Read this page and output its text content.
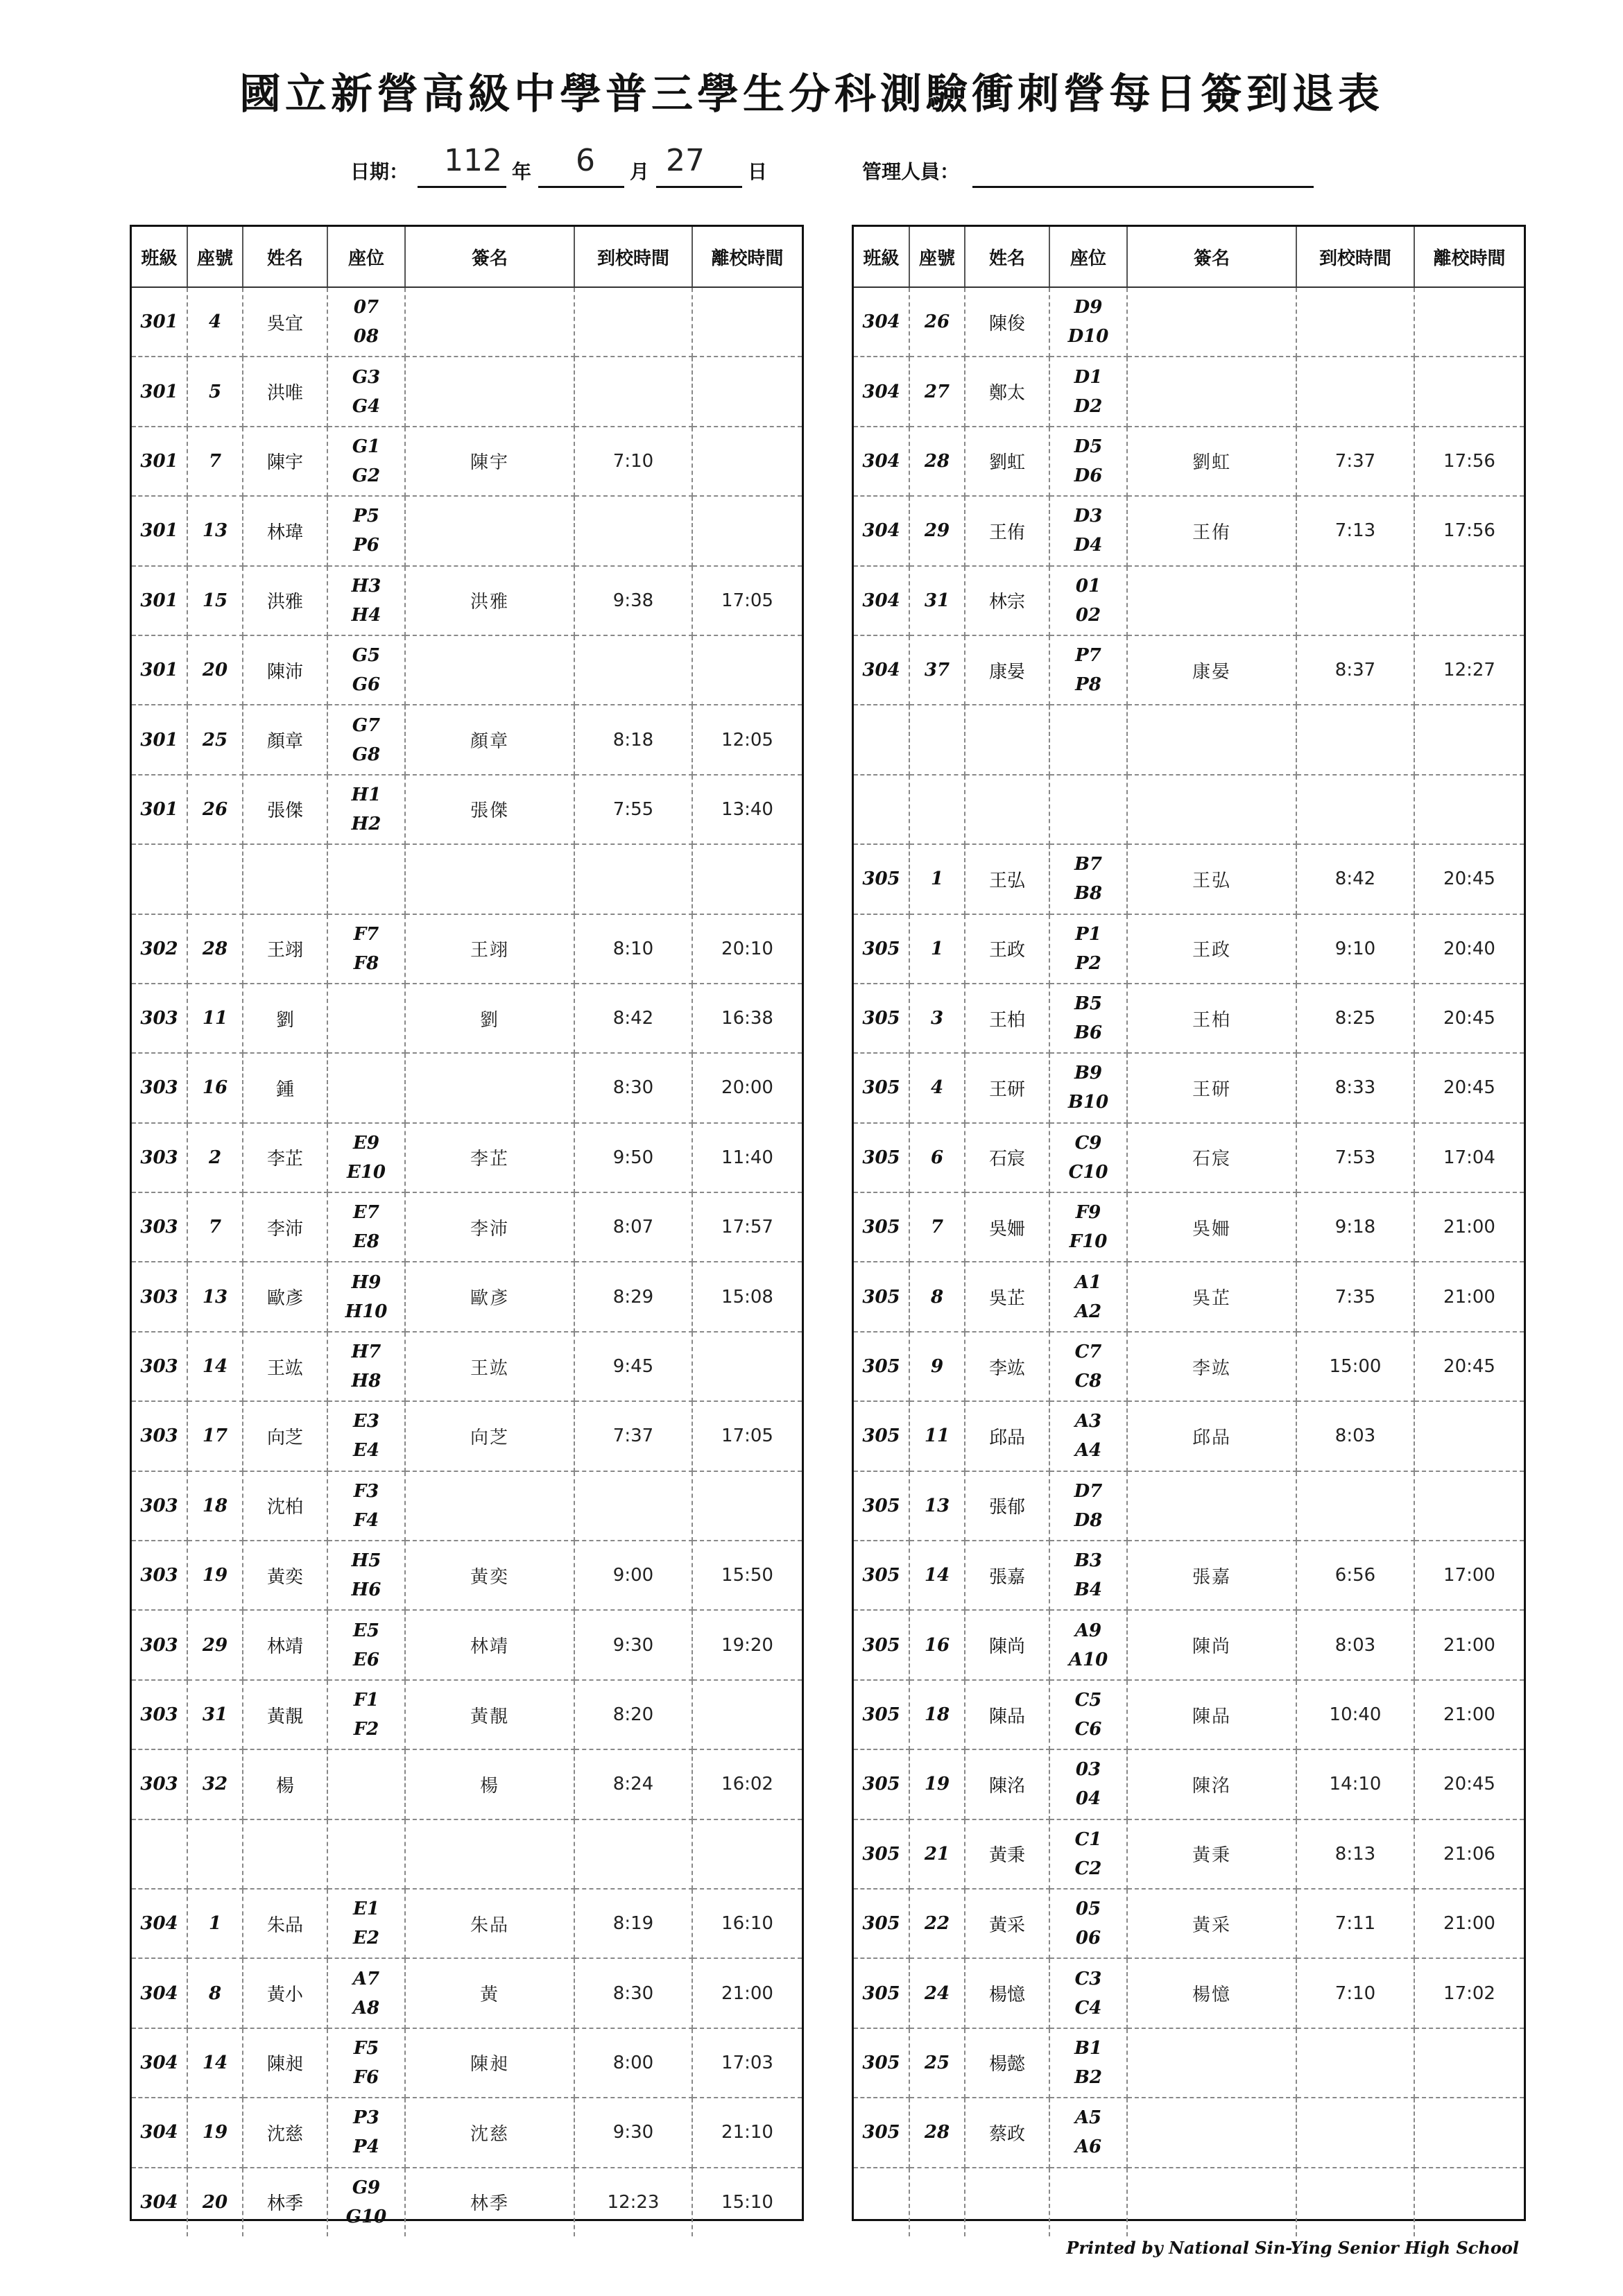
國立新營高級中學普三學生分科測驗衝刺營每日簽到退表
日期： 112 年 6 月 27 日	管理人員：
班級	座號	姓名	座位	簽名	到校時間	離校時間
301	4	吳宜	07
08			

301	5	洪唯	G3
G4			

301	7	陳宇	G1
G2	陳宇	7:10	
301	13	林瑋	P5
P6			

301	15	洪雅	H3
H4	洪雅	9:38	17:05
301	20	陳沛	G5
G6			

301	25	顏章	G7
G8	顏章	8:18	12:05
301	26	張傑	H1
H2	張傑	7:55	13:40

302	28	王翊	F7
F8	王翊	8:10	20:10
303	11	劉		劉	8:42	16:38
303	16	鍾			8:30	20:00
303	2	李芷	E9
E10	李芷	9:50	11:40
303	7	李沛	E7
E8	李沛	8:07	17:57
303	13	歐彥	H9
H10	歐彥	8:29	15:08
303	14	王竑	H7
H8	王竑	9:45	
303	17	向芝	E3
E4	向芝	7:37	17:05
303	18	沈柏	F3
F4			

303	19	黃奕	H5
H6	黃奕	9:00	15:50
303	29	林靖	E5
E6	林靖	9:30	19:20
303	31	黃靚	F1
F2	黃靚	8:20	
303	32	楊		楊	8:24	16:02

304	1	朱品	E1
E2	朱品	8:19	16:10
304	8	黃小	A7
A8	黃	8:30	21:00
304	14	陳昶	F5
F6	陳昶	8:00	17:03
304	19	沈慈	P3
P4	沈慈	9:30	21:10
304	20	林季	G9
G10	林季	12:23	15:10
班級	座號	姓名	座位	簽名	到校時間	離校時間
304	26	陳俊	D9
D10			

304	27	鄭太	D1
D2			

304	28	劉虹	D5
D6	劉虹	7:37	17:56
304	29	王侑	D3
D4	王侑	7:13	17:56
304	31	林宗	01
02			

304	37	康晏	P7
P8	康晏	8:37	12:27

305	1	王弘	B7
B8	王弘	8:42	20:45
305	1	王政	P1
P2	王政	9:10	20:40
305	3	王柏	B5
B6	王柏	8:25	20:45
305	4	王研	B9
B10	王研	8:33	20:45
305	6	石宸	C9
C10	石宸	7:53	17:04
305	7	吳姍	F9
F10	吳姍	9:18	21:00
305	8	吳芷	A1
A2	吳芷	7:35	21:00
305	9	李竑	C7
C8	李竑	15:00	20:45
305	11	邱品	A3
A4	邱品	8:03	
305	13	張郁	D7
D8			

305	14	張嘉	B3
B4	張嘉	6:56	17:00
305	16	陳尚	A9
A10	陳尚	8:03	21:00
305	18	陳品	C5
C6	陳品	10:40	21:00
305	19	陳洺	03
04	陳洺	14:10	20:45
305	21	黃秉	C1
C2	黃秉	8:13	21:06
305	22	黃采	05
06	黃采	7:11	21:00
305	24	楊憶	C3
C4	楊憶	7:10	17:02
305	25	楊懿	B1
B2			

305	28	蔡政	A5
A6			

Printed by National Sin-Ying Senior High School
